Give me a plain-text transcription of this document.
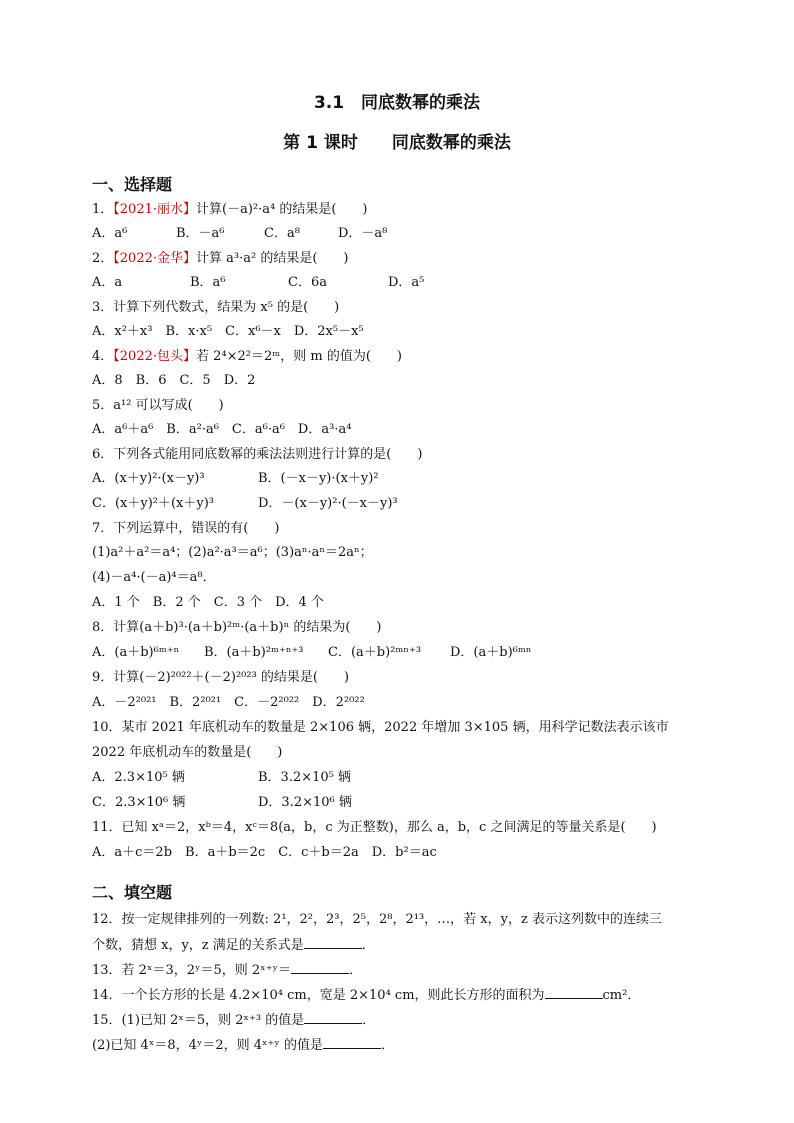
3.1　同底数幂的乘法
第 1 课时　　同底数幂的乘法
一、选择题
1．【2021·丽水】计算(－a)²·a⁴ 的结果是(　　)
A．a⁶	B．－a⁶	C．a⁸	D．－a⁸
2．【2022·金华】计算 a³·a² 的结果是(　　)
A．a	B．a⁶	C．6a	D．a⁵
3．计算下列代数式，结果为 x⁵ 的是(　　)
A．x²＋x³　B．x·x⁵　C．x⁶－x　D．2x⁵－x⁵
4．【2022·包头】若 2⁴×2²＝2ᵐ，则 m 的值为(　　)
A．8　B．6　C．5　D．2
5．a¹² 可以写成(　　)
A．a⁶＋a⁶　B．a²·a⁶　C．a⁶·a⁶　D．a³·a⁴
6．下列各式能用同底数幂的乘法法则进行计算的是(　　)
A．(x＋y)²·(x－y)³	B．(－x－y)·(x＋y)²
C．(x＋y)²＋(x＋y)³	D．－(x－y)²·(－x－y)³
7．下列运算中，错误的有(　　)
(1)a²＋a²＝a⁴；(2)a²·a³＝a⁶；(3)aⁿ·aⁿ＝2aⁿ；
(4)－a⁴·(－a)⁴＝a⁸．
A．1 个　B．2 个　C．3 个　D．4 个
8．计算(a＋b)³·(a＋b)²ᵐ·(a＋b)ⁿ 的结果为(　　)
A．(a＋b)⁶ᵐ⁺ⁿ B．(a＋b)²ᵐ⁺ⁿ⁺³ C．(a＋b)²ᵐⁿ⁺³ D．(a＋b)⁶ᵐⁿ
9．计算(－2)²⁰²²＋(－2)²⁰²³ 的结果是(　　)
A．－2²⁰²¹　B．2²⁰²¹　C．－2²⁰²²　D．2²⁰²²
10．某市 2021 年底机动车的数量是 2×106 辆，2022 年增加 3×105 辆，用科学记数法表示该市
2022 年底机动车的数量是(　　)
A．2.3×10⁵ 辆	B．3.2×10⁵ 辆
C．2.3×10⁶ 辆	D．3.2×10⁶ 辆
11．已知 xᵃ＝2，xᵇ＝4，xᶜ＝8(a，b，c 为正整数)，那么 a，b，c 之间满足的等量关系是(　　)
A．a＋c＝2b　B．a＋b＝2c　C．c＋b＝2a　D．b²＝ac
二、填空题
12．按一定规律排列的一列数: 2¹，2²，2³，2⁵，2⁸，2¹³，…，若 x，y，z 表示这列数中的连续三
个数，猜想 x，y，z 满足的关系式是	．
13．若 2ˣ＝3，2ʸ＝5，则 2ˣ⁺ʸ＝	．
14．一个长方形的长是 4.2×10⁴ cm，宽是 2×10⁴ cm，则此长方形的面积为	cm²．
15．(1)已知 2ˣ＝5，则 2ˣ⁺³ 的值是	．
(2)已知 4ˣ＝8，4ʸ＝2，则 4ˣ⁺ʸ 的值是	．
